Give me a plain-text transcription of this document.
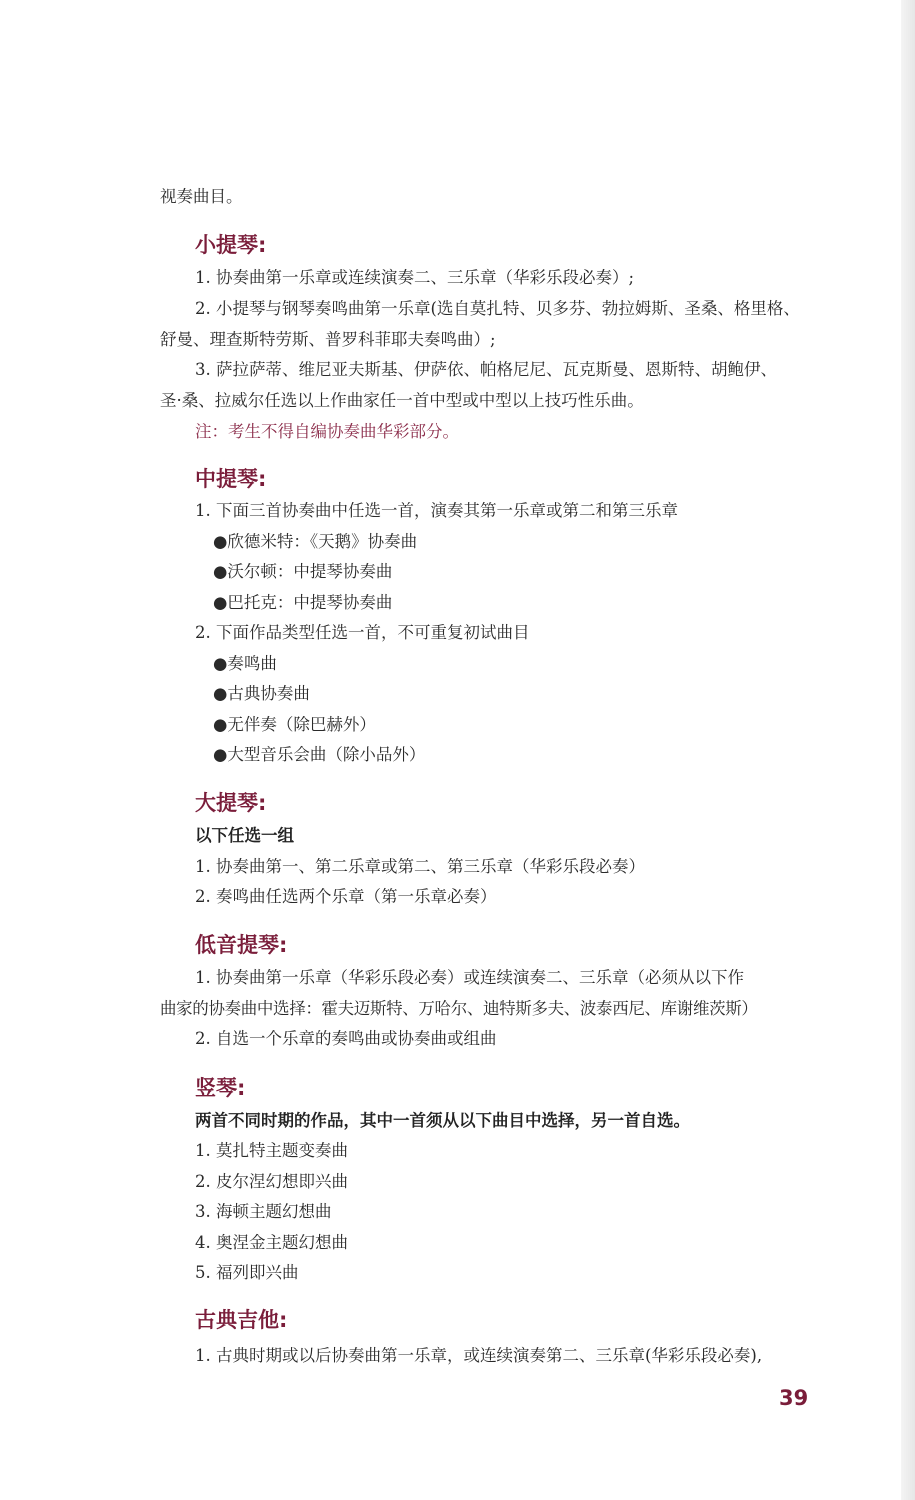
视奏曲目。
小提琴:
1. 协奏曲第一乐章或连续演奏二、三乐章（华彩乐段必奏）;
2. 小提琴与钢琴奏鸣曲第一乐章(选自莫扎特、贝多芬、勃拉姆斯、圣桑、格里格、
舒曼、理查斯特劳斯、普罗科菲耶夫奏鸣曲）;
3. 萨拉萨蒂、维尼亚夫斯基、伊萨依、帕格尼尼、瓦克斯曼、恩斯特、胡鲍伊、
圣·桑、拉威尔任选以上作曲家任一首中型或中型以上技巧性乐曲。
注：考生不得自编协奏曲华彩部分。
中提琴:
1. 下面三首协奏曲中任选一首，演奏其第一乐章或第二和第三乐章
●欣德米特：《天鹅》协奏曲
●沃尔顿：中提琴协奏曲
●巴托克：中提琴协奏曲
2. 下面作品类型任选一首，不可重复初试曲目
●奏鸣曲
●古典协奏曲
●无伴奏（除巴赫外）
●大型音乐会曲（除小品外）
大提琴:
以下任选一组
1. 协奏曲第一、第二乐章或第二、第三乐章（华彩乐段必奏）
2. 奏鸣曲任选两个乐章（第一乐章必奏）
低音提琴:
1. 协奏曲第一乐章（华彩乐段必奏）或连续演奏二、三乐章（必须从以下作
曲家的协奏曲中选择：霍夫迈斯特、万哈尔、迪特斯多夫、波泰西尼、库谢维茨斯）
2. 自选一个乐章的奏鸣曲或协奏曲或组曲
竖琴:
两首不同时期的作品，其中一首须从以下曲目中选择，另一首自选。
1. 莫扎特主题变奏曲
2. 皮尔涅幻想即兴曲
3. 海顿主题幻想曲
4. 奥涅金主题幻想曲
5. 福列即兴曲
古典吉他:
1. 古典时期或以后协奏曲第一乐章，或连续演奏第二、三乐章(华彩乐段必奏),
39
